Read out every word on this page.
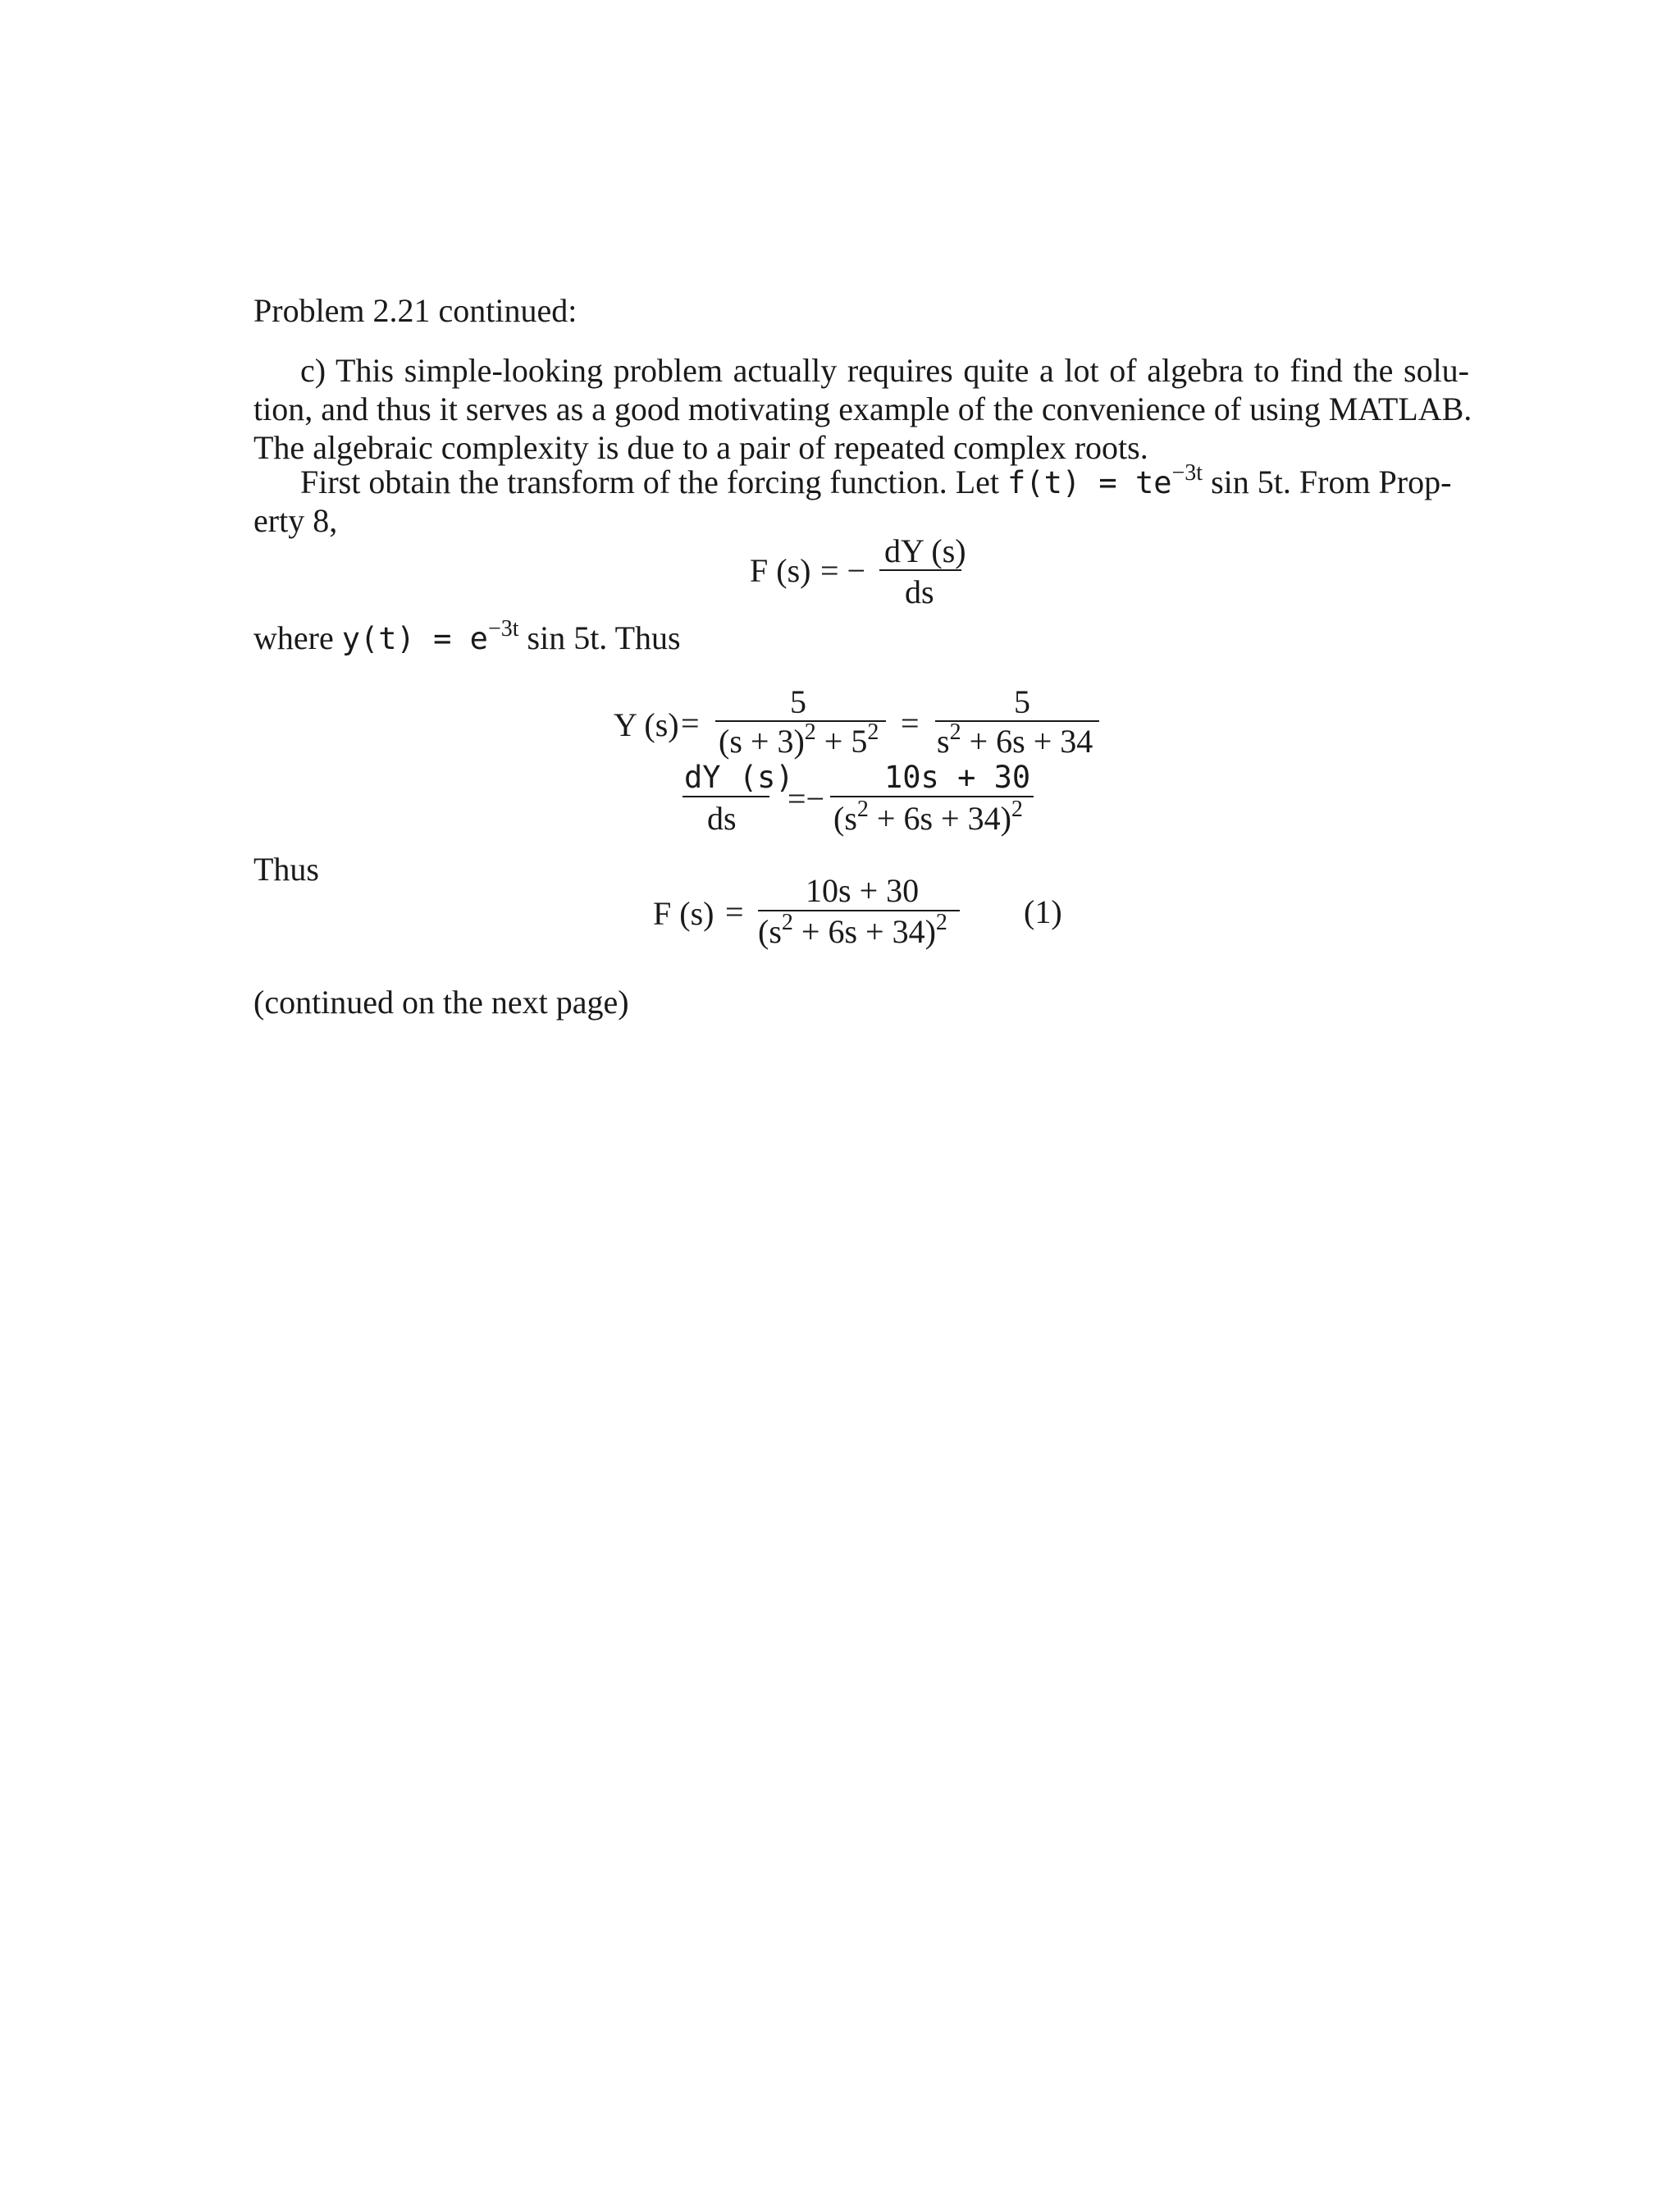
Problem 2.21 continued:
c) This simple-looking problem actually requires quite a lot of algebra to find the solu-
tion, and thus it serves as a good motivating example of the convenience of using MATLAB.
The algebraic complexity is due to a pair of repeated complex roots.
First obtain the transform of the forcing function. Let $f(t) = te^{-3t}$ sin 5t. From Prop-
erty 8,
F (s) = −
dY (s)
ds
where $y(t) = e^{-3t}$ sin 5t. Thus
Y (s) =
5
$(s + 3)^2 + 5^2$ =
5
$s^2 + 6s + 34$
dY (s)
ds
=−
10s + 30
$(s^2 + 6s + 34)^2$
Thus
F (s) =
10s + 30
$(s^2 + 6s + 34)^2$ (1)
(continued on the next page)
